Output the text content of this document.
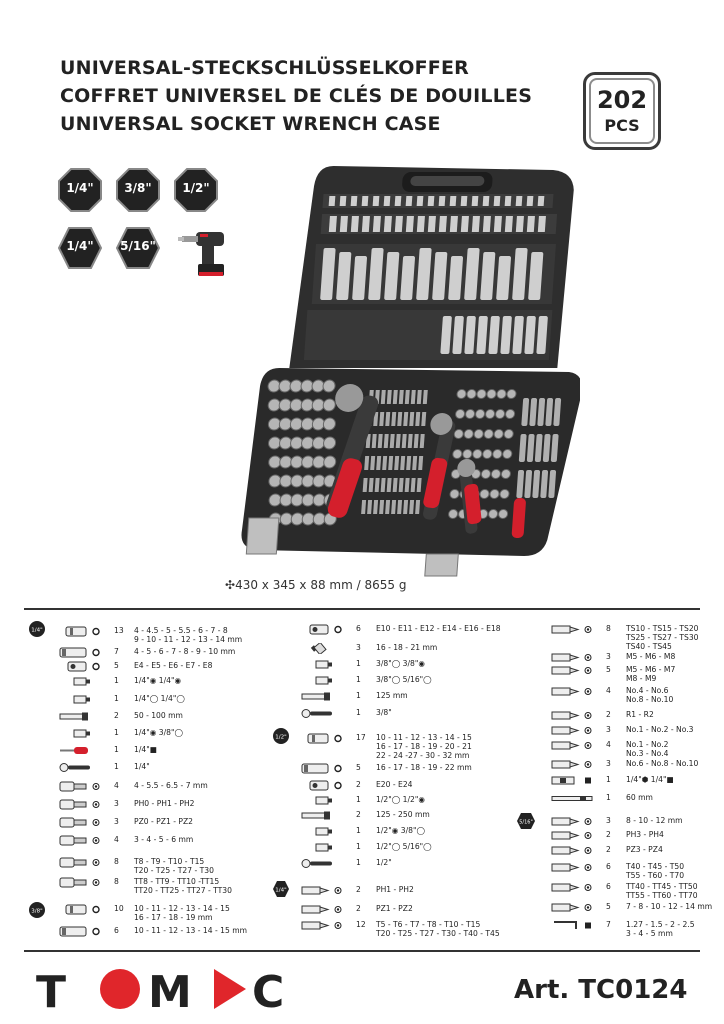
UNIVERSAL-STECKSCHLÜSSELKOFFER
COFFRET UNIVERSEL DE CLÉS DE DOUILLES
UNIVERSAL SOCKET WRENCH CASE
202
PCS
1/4"	3/8"	1/2"
1/4"	5/16"
✣430 x 345 x 88 mm / 8655 g
1/4"
3/8"
1/2"
1/4"
5/16"
T M C	Art. TC0124
13 4 - 4.5 - 5 - 5.5 - 6 - 7 - 8
9 - 10 - 11 - 12 - 13 - 14 mm
7 4 - 5 - 6 - 7 - 8 - 9 - 10 mm
5 E4 - E5 - E6 - E7 - E8
1 1/4"◉ 1/4"◉
1 1/4"◯ 1/4"◯
2 50 - 100 mm
1 1/4"◉ 3/8"◯
1 1/4"■
1 1/4"
4 4 - 5.5 - 6.5 - 7 mm
3 PH0 - PH1 - PH2
3 PZ0 - PZ1 - PZ2
4 3 - 4 - 5 - 6 mm
8 T8 - T9 - T10 - T15
T20 - T25 - T27 - T30
8 TT8 - TT9 - TT10 -TT15
TT20 - TT25 - TT27 - TT30
10 10 - 11 - 12 - 13 - 14 - 15
16 - 17 - 18 - 19 mm
6 10 - 11 - 12 - 13 - 14 - 15 mm
6 E10 - E11 - E12 - E14 - E16 - E18
3 16 - 18 - 21 mm
1 3/8"◯ 3/8"◉
1 3/8"◯ 5/16"◯
1 125 mm
1 3/8"
17 10 - 11 - 12 - 13 - 14 - 15
16 - 17 - 18 - 19 - 20 - 21
22 - 24 -27 - 30 - 32 mm
5 16 - 17 - 18 - 19 - 22 mm
2 E20 - E24
1 1/2"◯ 1/2"◉
2 125 - 250 mm
1 1/2"◉ 3/8"◯
1 1/2"◯ 5/16"◯
1 1/2"
2 PH1 - PH2
2 PZ1 - PZ2
12 T5 - T6 - T7 - T8 - T10 - T15
T20 - T25 - T27 - T30 - T40 - T45
8 TS10 - TS15 - TS20
TS25 - TS27 - TS30
TS40 - TS45
3 M5 - M6 - M8
5 M5 - M6 - M7
M8 - M9
4 No.4 - No.6
No.8 - No.10
2 R1 - R2
3 No.1 - No.2 - No.3
4 No.1 - No.2
No.3 - No.4
3 No.6 - No.8 - No.10
1 1/4"⬢ 1/4"■
1 60 mm
3 8 - 10 - 12 mm
2 PH3 - PH4
2 PZ3 - PZ4
6 T40 - T45 - T50
T55 - T60 - T70
6 TT40 - TT45 - TT50
TT55 - TT60 - TT70
5 7 - 8 - 10 - 12 - 14 mm
7 1.27 - 1.5 - 2 - 2.5
3 - 4 - 5 mm
